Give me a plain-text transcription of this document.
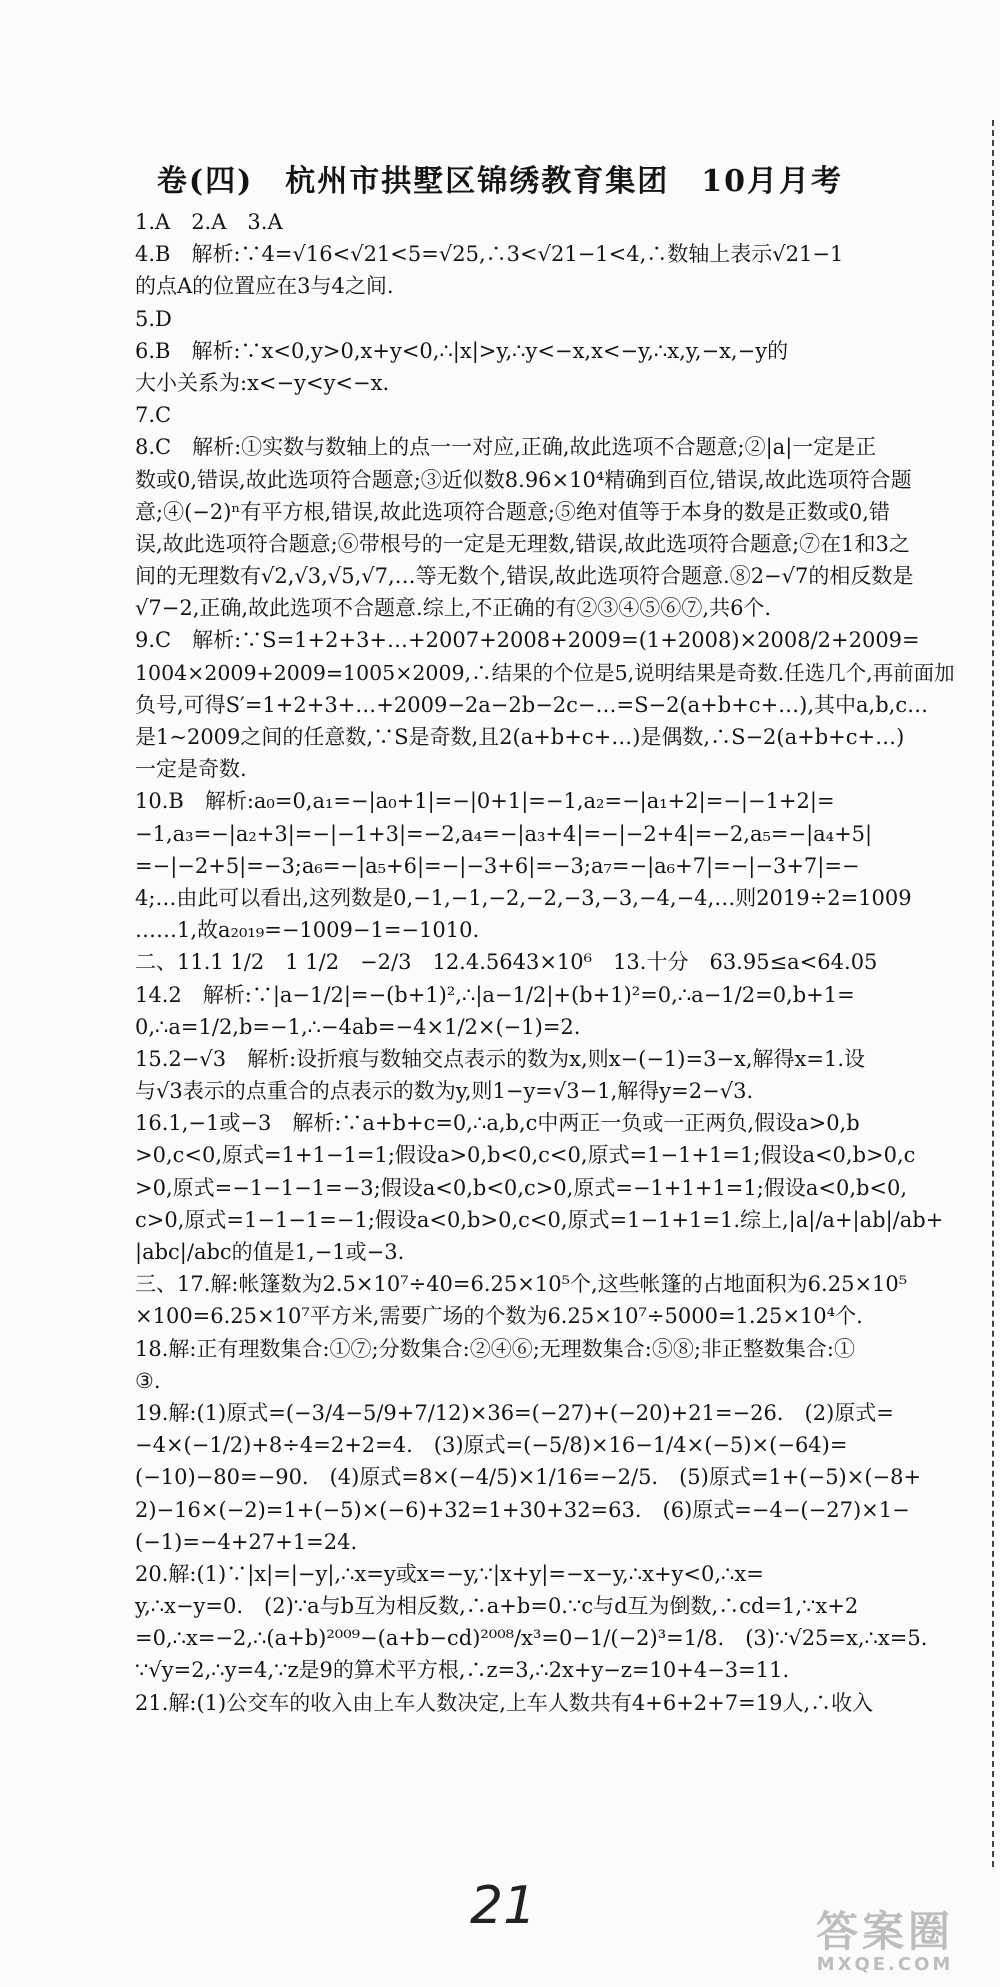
卷(四)　杭州市拱墅区锦绣教育集团　10月月考
1.A　2.A　3.A
4.B　解析:∵4=√16<√21<5=√25,∴3<√21−1<4,∴数轴上表示√21−1
的点A的位置应在3与4之间.
5.D
6.B　解析:∵x<0,y>0,x+y<0,∴|x|>y,∴y<−x,x<−y,∴x,y,−x,−y的
大小关系为:x<−y<y<−x.
7.C
8.C　解析:①实数与数轴上的点一一对应,正确,故此选项不合题意;②|a|一定是正
数或0,错误,故此选项符合题意;③近似数8.96×10⁴精确到百位,错误,故此选项符合题
意;④(−2)ⁿ有平方根,错误,故此选项符合题意;⑤绝对值等于本身的数是正数或0,错
误,故此选项符合题意;⑥带根号的一定是无理数,错误,故此选项符合题意;⑦在1和3之
间的无理数有√2,√3,√5,√7,…等无数个,错误,故此选项符合题意.⑧2−√7的相反数是
√7−2,正确,故此选项不合题意.综上,不正确的有②③④⑤⑥⑦,共6个.
9.C　解析:∵S=1+2+3+…+2007+2008+2009=(1+2008)×2008/2+2009=
1004×2009+2009=1005×2009,∴结果的个位是5,说明结果是奇数.任选几个,再前面加
负号,可得S′=1+2+3+…+2009−2a−2b−2c−…=S−2(a+b+c+…),其中a,b,c…
是1~2009之间的任意数,∵S是奇数,且2(a+b+c+…)是偶数,∴S−2(a+b+c+…)
一定是奇数.
10.B　解析:a₀=0,a₁=−|a₀+1|=−|0+1|=−1,a₂=−|a₁+2|=−|−1+2|=
−1,a₃=−|a₂+3|=−|−1+3|=−2,a₄=−|a₃+4|=−|−2+4|=−2,a₅=−|a₄+5|
=−|−2+5|=−3;a₆=−|a₅+6|=−|−3+6|=−3;a₇=−|a₆+7|=−|−3+7|=−
4;…由此可以看出,这列数是0,−1,−1,−2,−2,−3,−3,−4,−4,…则2019÷2=1009
……1,故a₂₀₁₉=−1009−1=−1010.
二、11.1 1/2　1 1/2　−2/3　12.4.5643×10⁶　13.十分　63.95≤a<64.05
14.2　解析:∵|a−1/2|=−(b+1)²,∴|a−1/2|+(b+1)²=0,∴a−1/2=0,b+1=
0,∴a=1/2,b=−1,∴−4ab=−4×1/2×(−1)=2.
15.2−√3　解析:设折痕与数轴交点表示的数为x,则x−(−1)=3−x,解得x=1.设
与√3表示的点重合的点表示的数为y,则1−y=√3−1,解得y=2−√3.
16.1,−1或−3　解析:∵a+b+c=0,∴a,b,c中两正一负或一正两负,假设a>0,b
>0,c<0,原式=1+1−1=1;假设a>0,b<0,c<0,原式=1−1+1=1;假设a<0,b>0,c
>0,原式=−1−1−1=−3;假设a<0,b<0,c>0,原式=−1+1+1=1;假设a<0,b<0,
c>0,原式=1−1−1=−1;假设a<0,b>0,c<0,原式=1−1+1=1.综上,|a|/a+|ab|/ab+
|abc|/abc的值是1,−1或−3.
三、17.解:帐篷数为2.5×10⁷÷40=6.25×10⁵个,这些帐篷的占地面积为6.25×10⁵
×100=6.25×10⁷平方米,需要广场的个数为6.25×10⁷÷5000=1.25×10⁴个.
18.解:正有理数集合:①⑦;分数集合:②④⑥;无理数集合:⑤⑧;非正整数集合:①
③.
19.解:(1)原式=(−3/4−5/9+7/12)×36=(−27)+(−20)+21=−26.　(2)原式=
−4×(−1/2)+8÷4=2+2=4.　(3)原式=(−5/8)×16−1/4×(−5)×(−64)=
(−10)−80=−90.　(4)原式=8×(−4/5)×1/16=−2/5.　(5)原式=1+(−5)×(−8+
2)−16×(−2)=1+(−5)×(−6)+32=1+30+32=63.　(6)原式=−4−(−27)×1−
(−1)=−4+27+1=24.
20.解:(1)∵|x|=|−y|,∴x=y或x=−y,∵|x+y|=−x−y,∴x+y<0,∴x=
y,∴x−y=0.　(2)∵a与b互为相反数,∴a+b=0.∵c与d互为倒数,∴cd=1,∵x+2
=0,∴x=−2,∴(a+b)²⁰⁰⁹−(a+b−cd)²⁰⁰⁸/x³=0−1/(−2)³=1/8.　(3)∵√25=x,∴x=5.
∵√y=2,∴y=4,∵z是9的算术平方根,∴z=3,∴2x+y−z=10+4−3=11.
21.解:(1)公交车的收入由上车人数决定,上车人数共有4+6+2+7=19人,∴收入
21	答案圈
MXQE.COM
